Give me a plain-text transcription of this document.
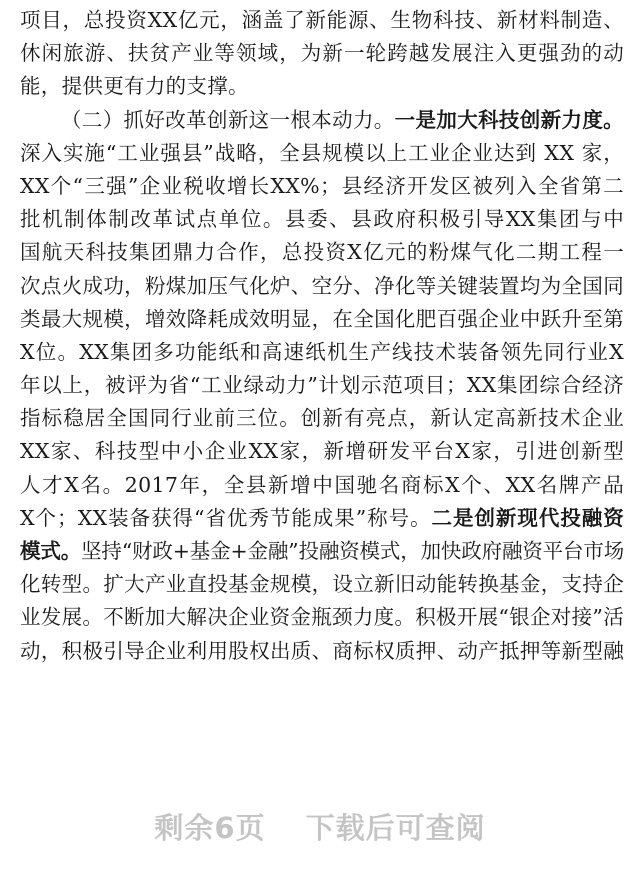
项目，总投资XX亿元，涵盖了新能源、生物科技、新材料制造、
休闲旅游、扶贫产业等领域，为新一轮跨越发展注入更强劲的动
能，提供更有力的支撑。
（二）抓好改革创新这一根本动力。一是加大科技创新力度。
深入实施“工业强县”战略，全县规模以上工业企业达到 XX 家，
XX个“三强”企业税收增长XX%；县经济开发区被列入全省第二
批机制体制改革试点单位。县委、县政府积极引导XX集团与中
国航天科技集团鼎力合作，总投资X亿元的粉煤气化二期工程一
次点火成功，粉煤加压气化炉、空分、净化等关键装置均为全国同
类最大规模，增效降耗成效明显，在全国化肥百强企业中跃升至第
X位。XX集团多功能纸和高速纸机生产线技术装备领先同行业X
年以上，被评为省“工业绿动力”计划示范项目；XX集团综合经济
指标稳居全国同行业前三位。创新有亮点，新认定高新技术企业
XX家、科技型中小企业XX家，新增研发平台X家，引进创新型
人才X名。2017年，全县新增中国驰名商标X个、XX名牌产品
X个；XX装备获得“省优秀节能成果”称号。二是创新现代投融资
模式。坚持“财政+基金+金融”投融资模式，加快政府融资平台市场
化转型。扩大产业直投基金规模，设立新旧动能转换基金，支持企
业发展。不断加大解决企业资金瓶颈力度。积极开展“银企对接”活
动，积极引导企业利用股权出质、商标权质押、动产抵押等新型融
剩余6页 下载后可查阅
